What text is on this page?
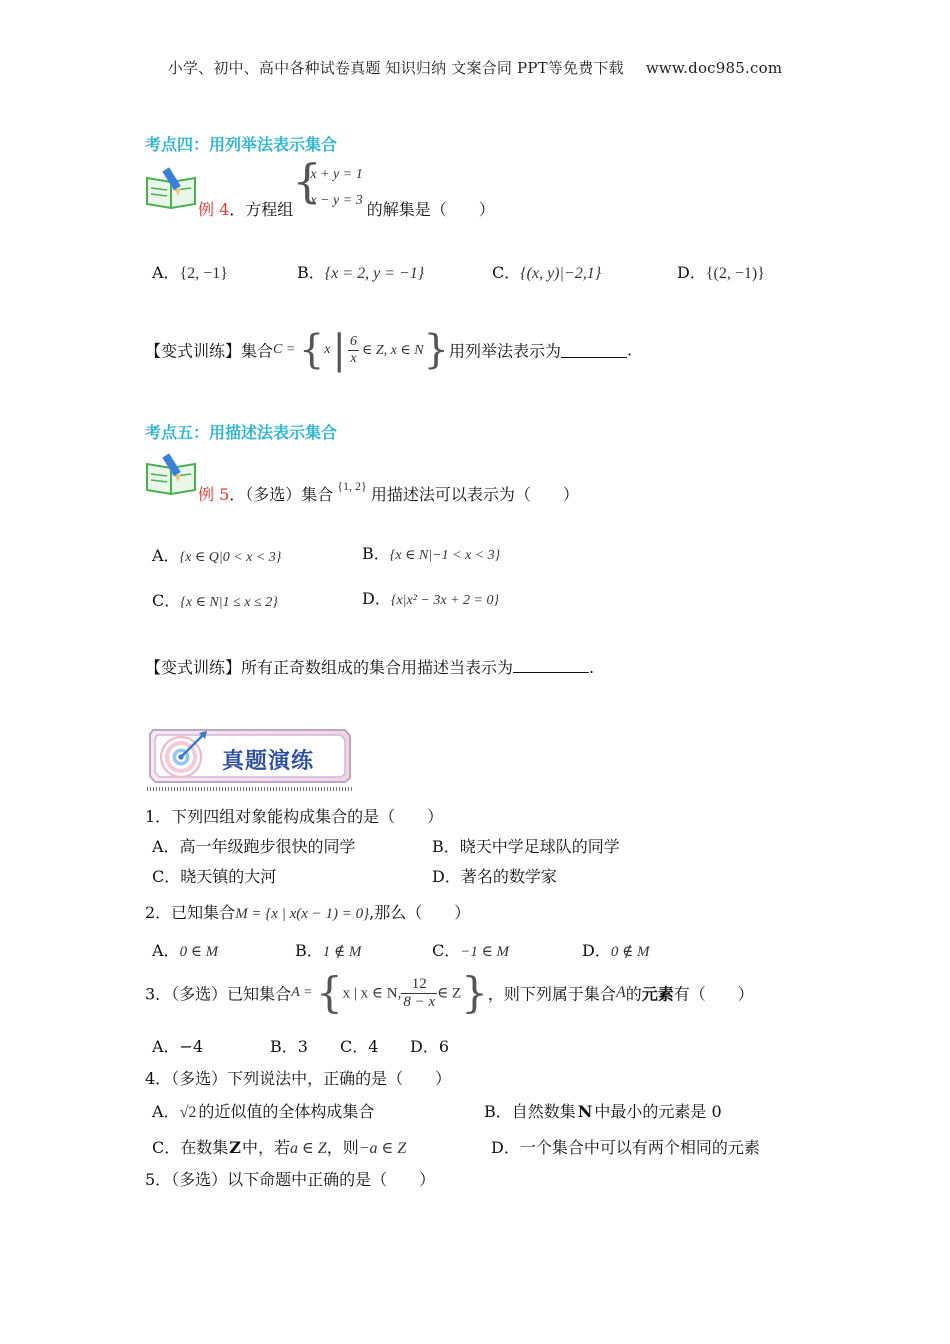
小学、初中、高中各种试卷真题 知识归纳 文案合同 PPT等免费下载 www.doc985.com
考点四：用列举法表示集合
例 4．方程组
{
x + y = 1
x − y = 3 的解集是（　　）
A．{2, −1}	B．{x = 2, y = −1}	C．{(x, y)|−2,1}	D．{(2, −1)}
【变式训练】集合$C = \{x| \frac{6}{x}$ ∈ Z, x ∈ N}用列举法表示为	.
考点五：用描述法表示集合
例 5．（多选）集合 $^{\{1, 2\}}$ 用描述法可以表示为（　　）
A．{x ∈ Q|0 < x < 3}	B．{x ∈ N|−1 < x < 3}
C．{x ∈ N|1 ≤ x ≤ 2}	D．{x|x² − 3x + 2 = 0}
【变式训练】所有正奇数组成的集合用描述当表示为	.
真题演练
1．下列四组对象能构成集合的是（　　）
A．高一年级跑步很快的同学	B．晓天中学足球队的同学
C．晓天镇的大河	D．著名的数学家
2．已知集合M = {x | x(x − 1) = 0},那么（　　）
A．0 ∈ M	B．1 ∉ M	C．−1 ∈ M	D．0 ∉ M
3．（多选）已知集合A = {x | x ∈ N, $\frac{12}{8 - x}$ ∈ Z}，则下列属于集合A的元素有（　　）
A．−4	B．3 C．4 D．6
4．（多选）下列说法中，正确的是（　　）
A．√2 的近似值的全体构成集合	B．自然数集 N 中最小的元素是 0
C．在数集Z中，若a ∈ Z，则−a ∈ Z	D．一个集合中可以有两个相同的元素
5．（多选）以下命题中正确的是（　　）
